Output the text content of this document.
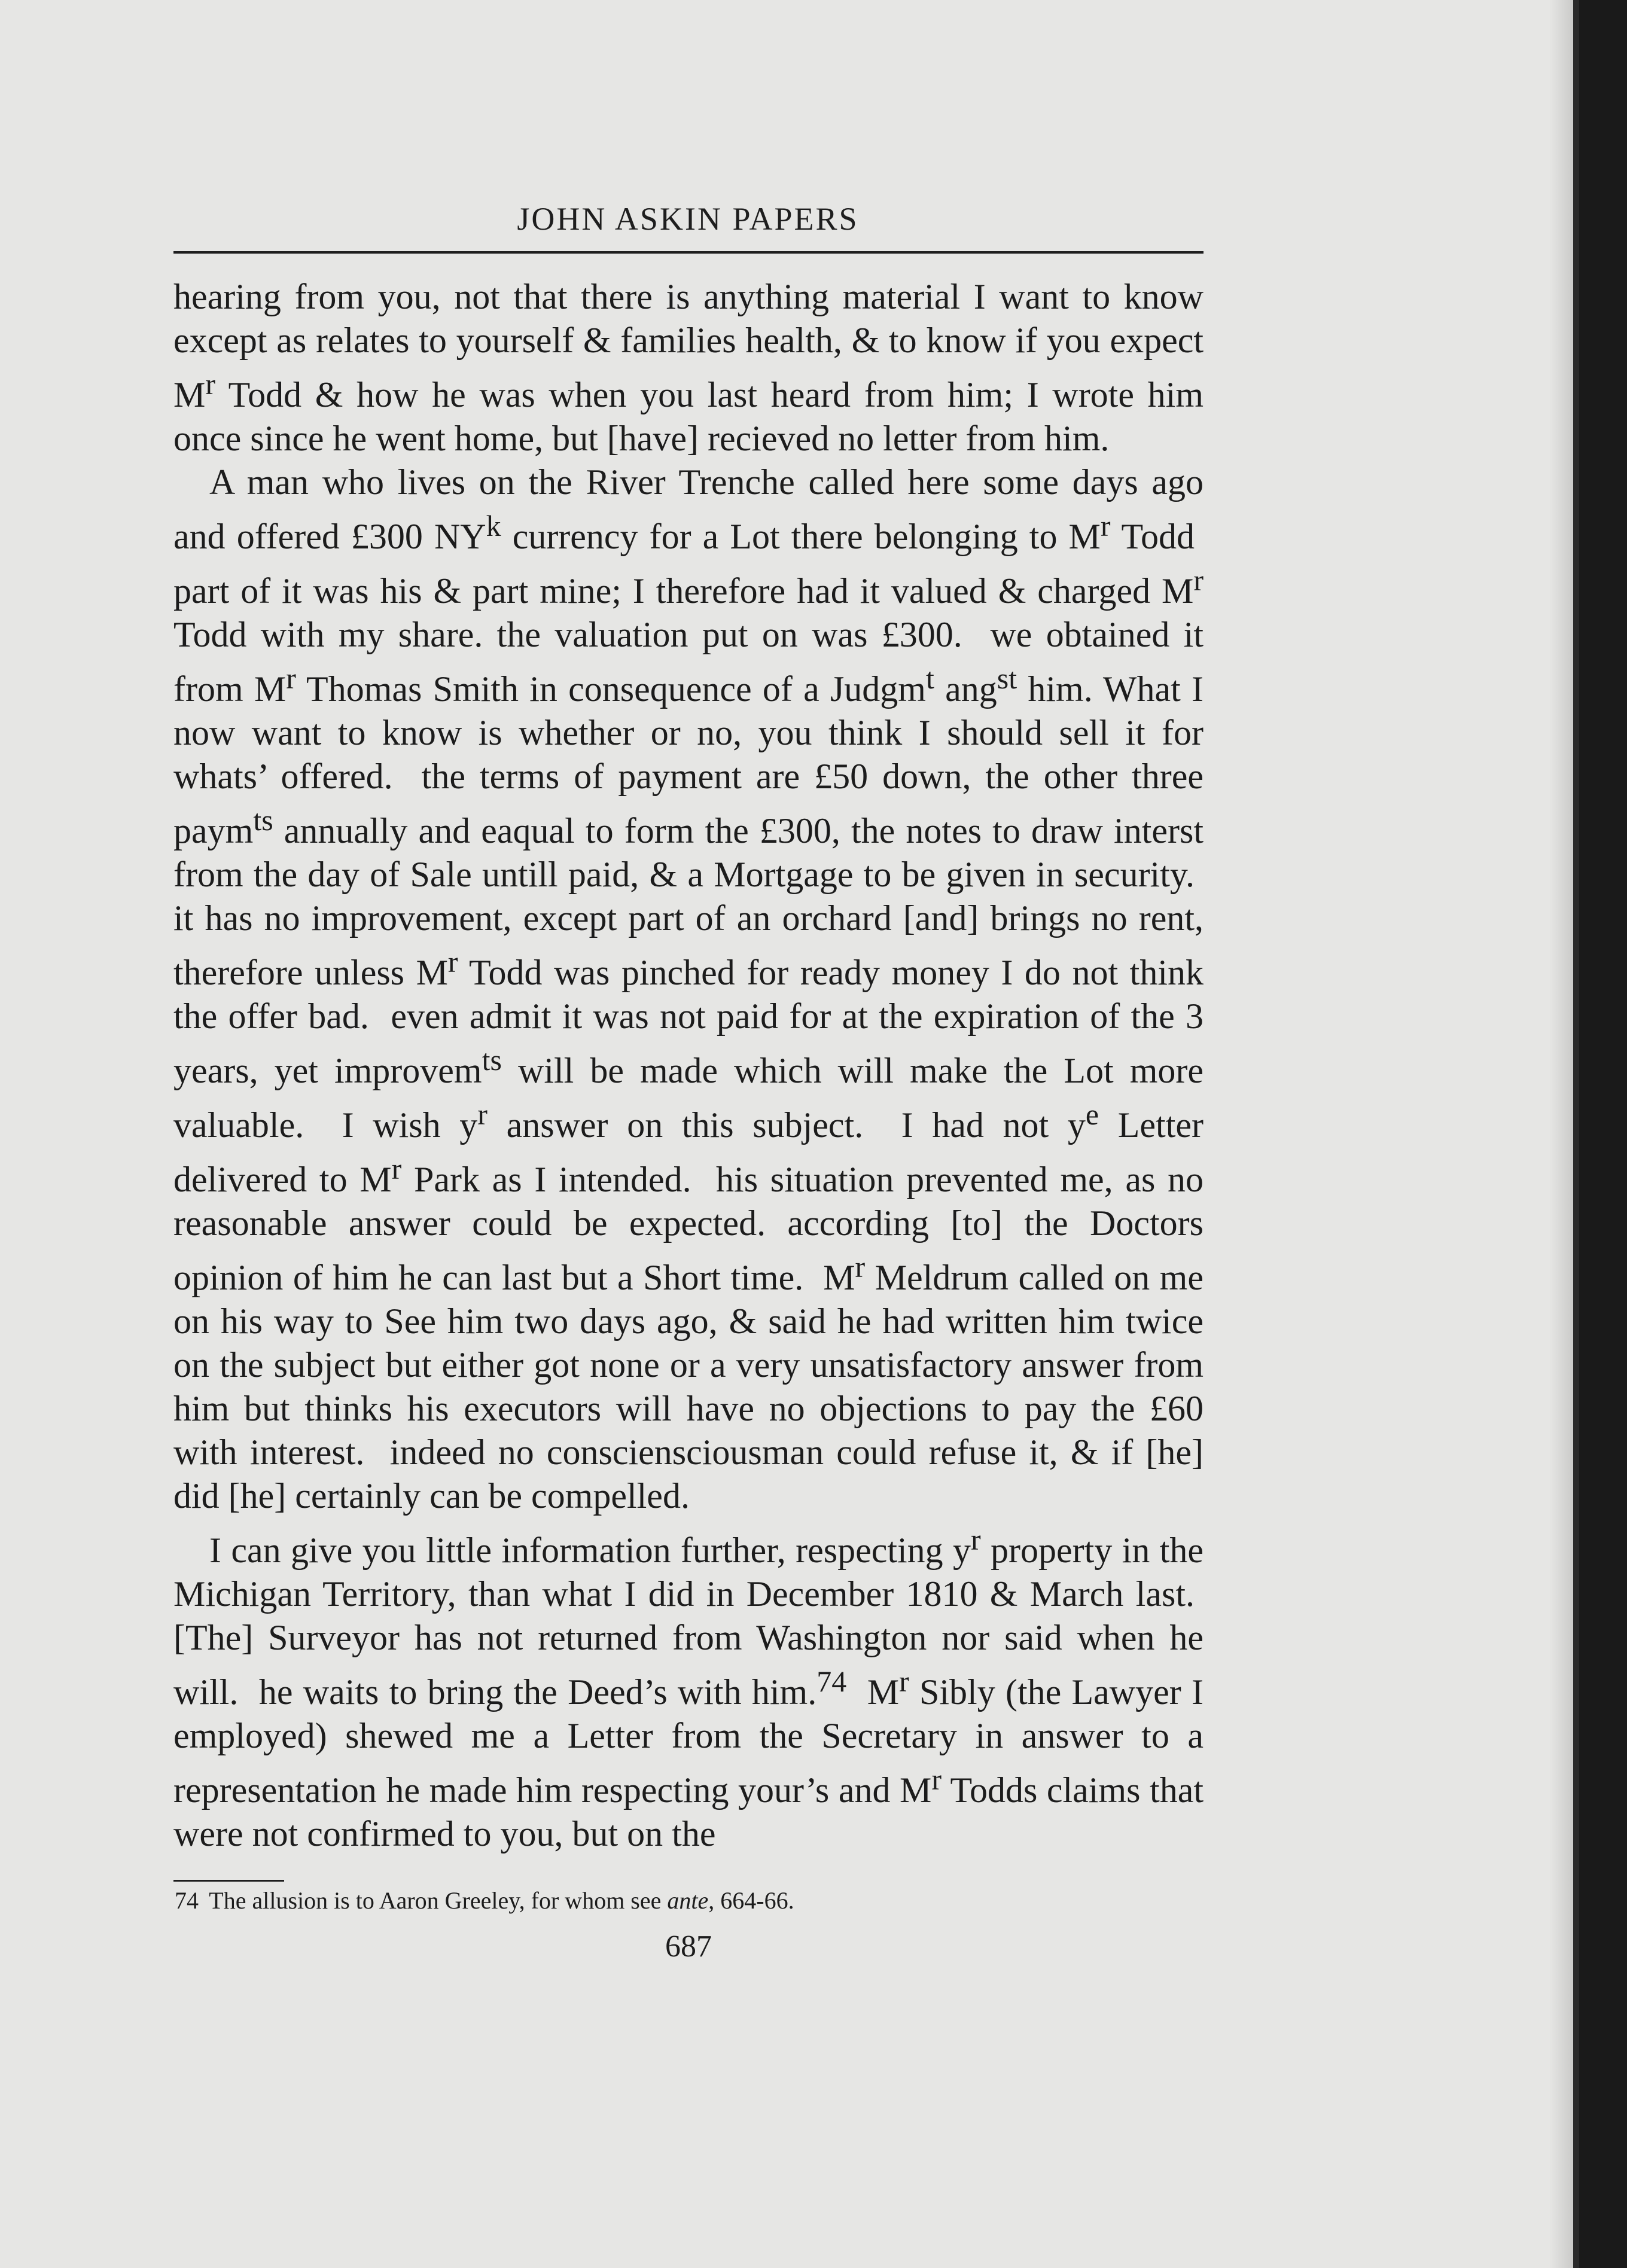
JOHN ASKIN PAPERS

hearing from you, not that there is anything material I want to know except as relates to yourself & families health, & to know if you expect $M^r$ Todd & how he was when you last heard from him; I wrote him once since he went home, but [have] recieved no letter from him.

A man who lives on the River Trenche called here some days ago and offered £300 $NY^k$ currency for a Lot there belonging to $M^r$ Todd  part of it was his & part mine; I therefore had it valued & charged $M^r$ Todd with my share. the valuation put on was £300.  we obtained it from $M^r$ Thomas Smith in consequence of a Judgm$^t$ ang$^{st}$ him. What I now want to know is whether or no, you think I should sell it for whats’ offered.  the terms of payment are £50 down, the other three paym$^{ts}$ annually and eaqual to form the £300, the notes to draw interst from the day of Sale untill paid, & a Mortgage to be given in security.  it has no improvement, except part of an orchard [and] brings no rent, therefore unless $M^r$ Todd was pinched for ready money I do not think the offer bad.  even admit it was not paid for at the expiration of the 3 years, yet improvem$^{ts}$ will be made which will make the Lot more valuable.  I wish $y^r$ answer on this subject.  I had not $y^e$ Letter delivered to $M^r$ Park as I intended.  his situation prevented me, as no reasonable answer could be expected. according [to] the Doctors opinion of him he can last but a Short time.  $M^r$ Meldrum called on me on his way to See him two days ago, & said he had written him twice on the subject but either got none or a very unsatisfactory answer from him but thinks his executors will have no objections to pay the £60 with interest.  indeed no consciensciousman could refuse it, & if [he] did [he] certainly can be compelled.

I can give you little information further, respecting $y^r$ property in the Michigan Territory, than what I did in December 1810 & March last.  [The] Surveyor has not returned from Washington nor said when he will.  he waits to bring the Deed’s with him.$^{74}$  $M^r$ Sibly (the Lawyer I employed) shewed me a Letter from the Secretary in answer to a representation he made him respecting your’s and $M^r$ Todds claims that were not confirmed to you, but on the

74 The allusion is to Aaron Greeley, for whom see ante, 664-66.
687
